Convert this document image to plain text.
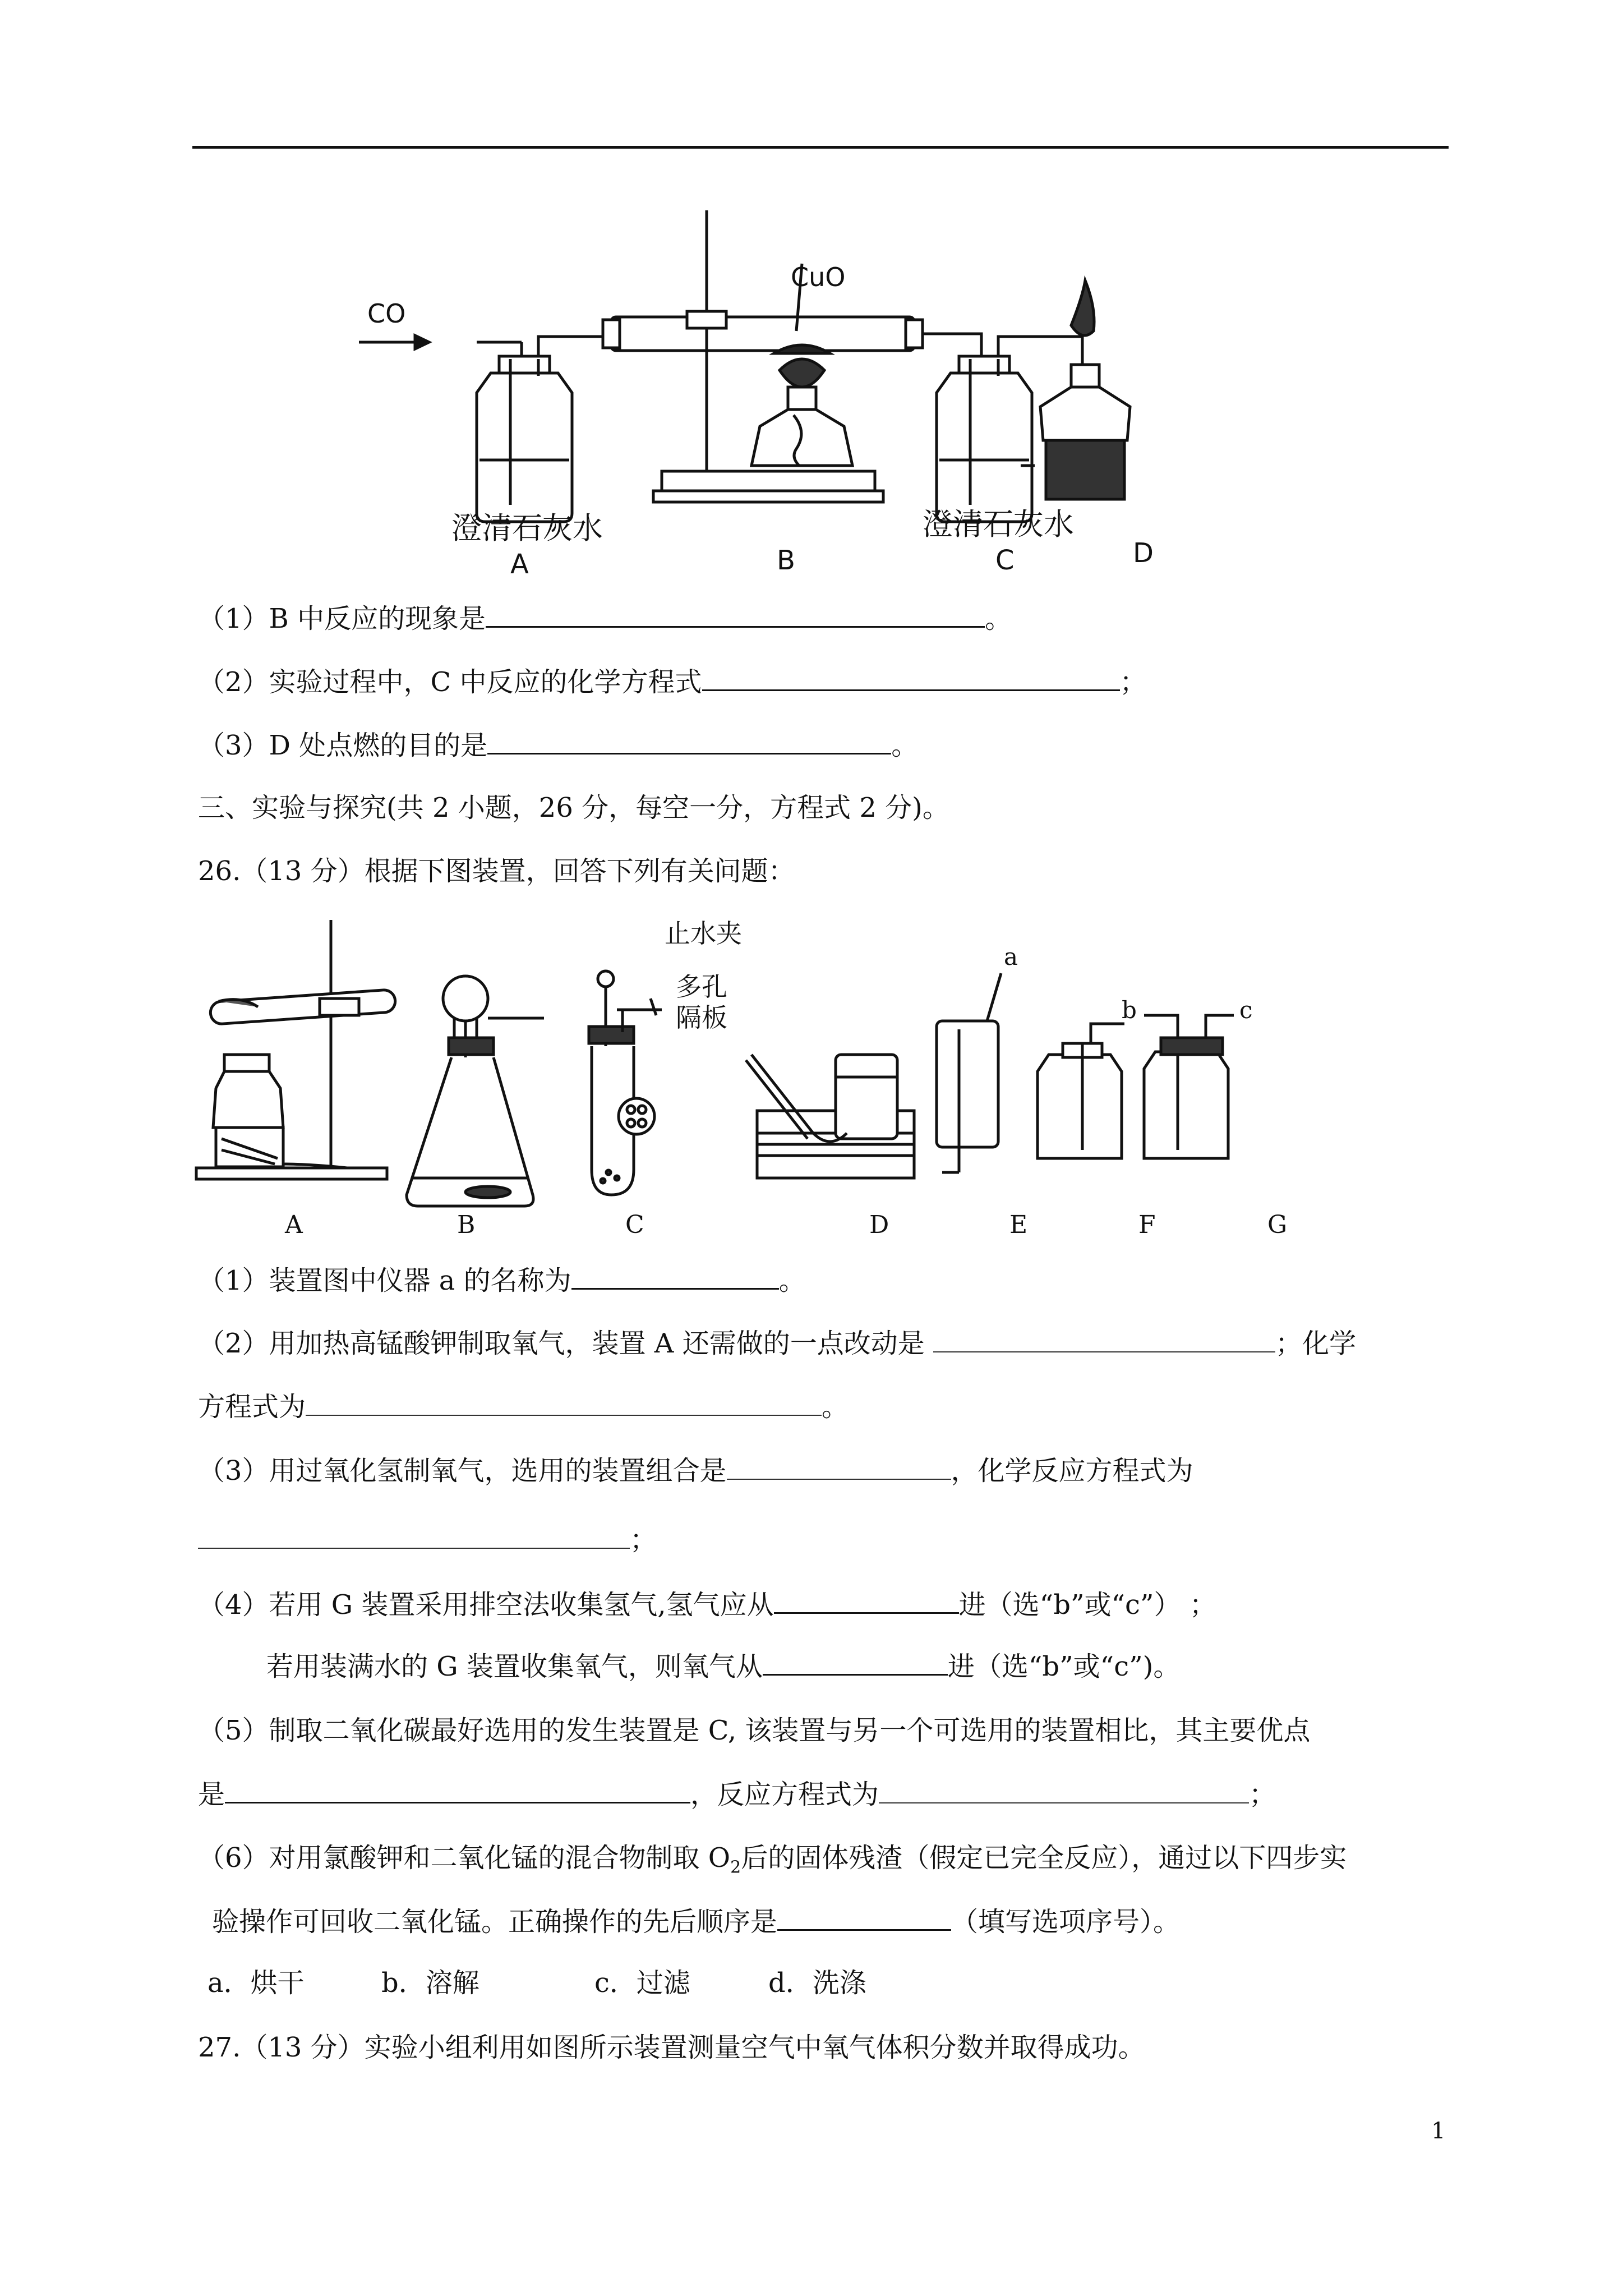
CO
CuO
澄清石灰水	澄清石灰水
A	B	C	D
（1）B 中反应的现象是	。
（2）实验过程中，C 中反应的化学方程式	；
（3）D 处点燃的目的是	。
三、实验与探究(共 2 小题，26 分，每空一分，方程式 2 分)。
26.（13 分）根据下图装置，回答下列有关问题：
止水夹
多孔
隔板
a
b	c
A	B	C	D	E	F	G
（1）装置图中仪器 a 的名称为	。
（2）用加热高锰酸钾制取氧气，装置 A 还需做的一点改动是	；化学
方程式为	。
（3）用过氧化氢制氧气，选用的装置组合是	，化学反应方程式为
；
（4）若用 G 装置采用排空法收集氢气,氢气应从	进（选“b”或“c”） ；
若用装满水的 G 装置收集氧气，则氧气从	进（选“b”或“c”)。
（5）制取二氧化碳最好选用的发生装置是 C, 该装置与另一个可选用的装置相比，其主要优点
是	，反应方程式为	；
（6）对用氯酸钾和二氧化锰的混合物制取 $O_2$后的固体残渣（假定已完全反应），通过以下四步实
验操作可回收二氧化锰。正确操作的先后顺序是	（填写选项序号）。
a．烘干	b．溶解	c．过滤	d．洗涤
27.（13 分）实验小组利用如图所示装置测量空气中氧气体积分数并取得成功。
1
